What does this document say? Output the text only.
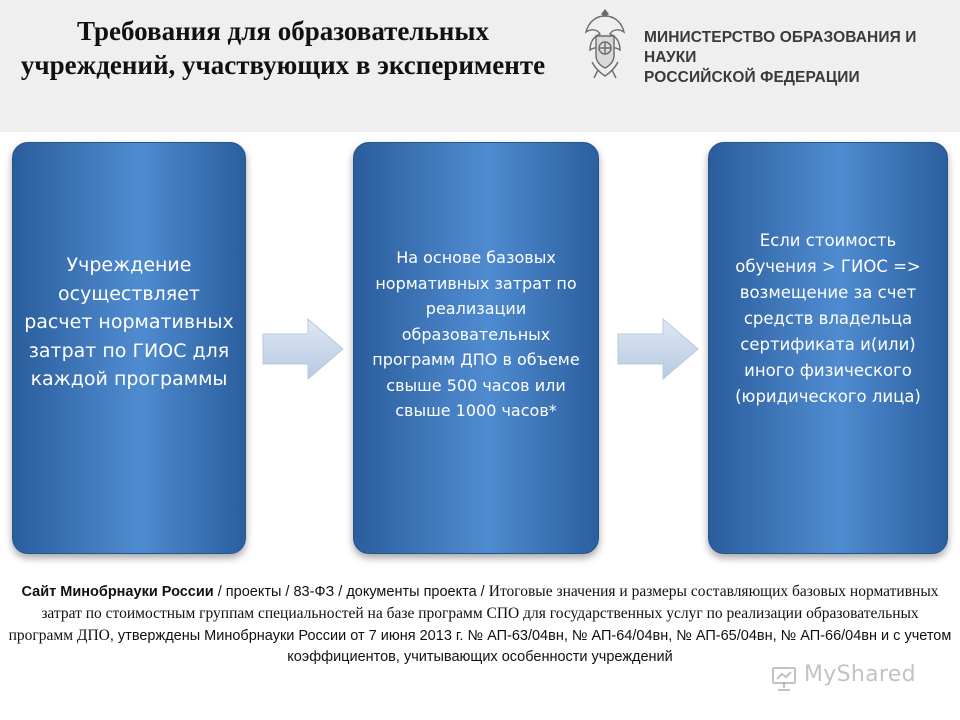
Требования для образовательных учреждений, участвующих в эксперименте
МИНИСТЕРСТВО ОБРАЗОВАНИЯ И НАУКИ
РОССИЙСКОЙ ФЕДЕРАЦИИ
Учреждение осуществляет расчет нормативных затрат по ГИОС для каждой программы
На основе базовых нормативных затрат по реализации образовательных программ ДПО в объеме свыше 500 часов или свыше 1000 часов*
Если стоимость обучения > ГИОС => возмещение за счет средств владельца сертификата и(или) иного физического (юридического лица)
Сайт Минобрнауки России / проекты / 83-ФЗ / документы проекта / Итоговые значения и размеры составляющих базовых нормативных затрат по стоимостным группам специальностей на базе программ СПО для государственных услуг по реализации образовательных программ ДПО, утверждены Минобрнауки России от 7 июня 2013 г. № АП-63/04вн, № АП-64/04вн, № АП-65/04вн, № АП-66/04вн и с учетом коэффициентов, учитывающих особенности учреждений
MyShared
